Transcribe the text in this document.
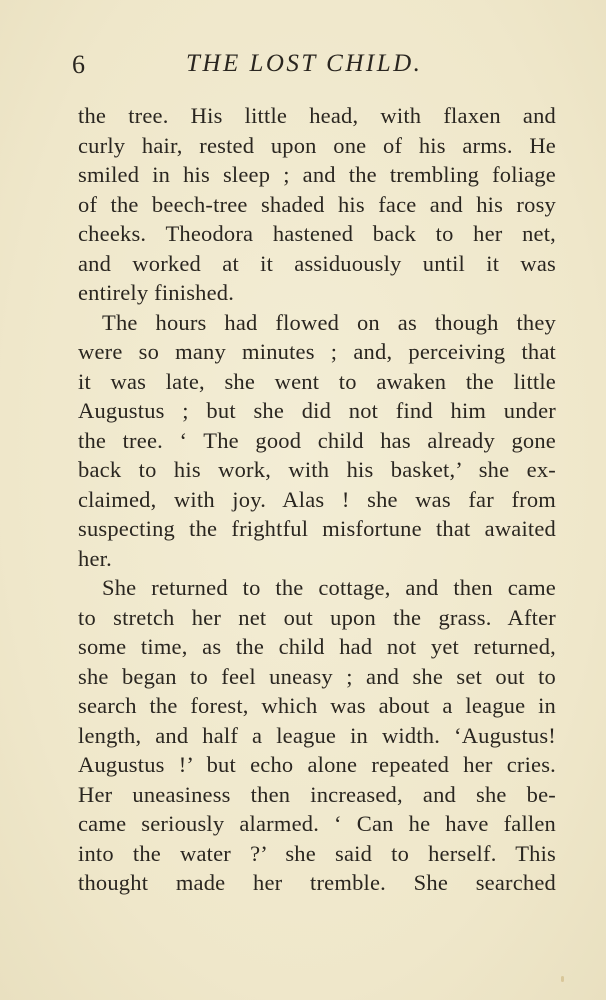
6	THE LOST CHILD.
the tree. His little head, with flaxen and
curly hair, rested upon one of his arms. He
smiled in his sleep ; and the trembling foliage
of the beech-tree shaded his face and his rosy
cheeks. Theodora hastened back to her net,
and worked at it assiduously until it was
entirely finished.
The hours had flowed on as though they
were so many minutes ; and, perceiving that
it was late, she went to awaken the little
Augustus ; but she did not find him under
the tree. ‘ The good child has already gone
back to his work, with his basket,’ she ex-
claimed, with joy. Alas ! she was far from
suspecting the frightful misfortune that awaited
her.
She returned to the cottage, and then came
to stretch her net out upon the grass. After
some time, as the child had not yet returned,
she began to feel uneasy ; and she set out to
search the forest, which was about a league in
length, and half a league in width. ‘Augustus!
Augustus !’ but echo alone repeated her cries.
Her uneasiness then increased, and she be-
came seriously alarmed. ‘ Can he have fallen
into the water ?’ she said to herself. This
thought made her tremble. She searched
